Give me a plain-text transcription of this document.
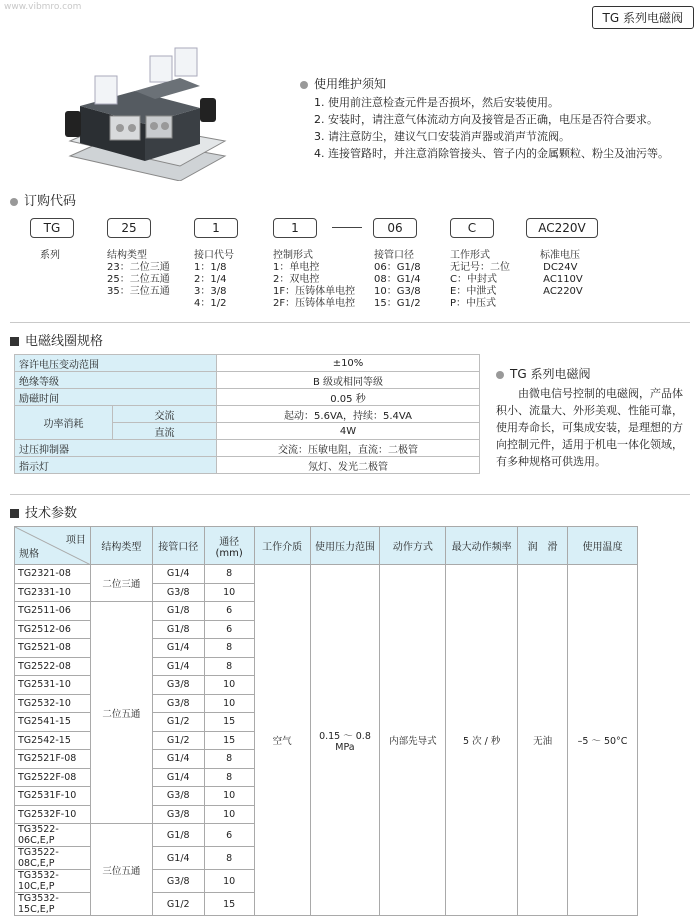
www.vibmro.com
TG 系列电磁阀
使用维护须知
1. 使用前注意检查元件是否损坏，然后安装使用。
2. 安装时，请注意气体流动方向及接管是否正确，电压是否符合要求。
3. 请注意防尘，建议气口安装消声器或消声节流阀。
4. 连接管路时，并注意消除管接头、管子内的金属颗粒、粉尘及油污等。
订购代码
TG	25	1	1	06	C	AC220V
系列	结构类型
23：二位三通
25：二位五通
35：三位五通
接口代号
1：1/8
2：1/4
3：3/8
4：1/2
控制形式
1：单电控
2：双电控
1F：压铸体单电控
2F：压铸体单电控
接管口径
06：G1/8
08：G1/4
10：G3/8
15：G1/2
工作形式
无记号：二位
C：中封式
E：中泄式
P：中压式
标准电压
DC24V
AC110V
AC220V
电磁线圈规格
容许电压变动范围		±10%
绝缘等级		B 级或相同等级
励磁时间		0.05 秒
功率消耗	交流	起动：5.6VA，持续：5.4VA
	直流	4W
过压抑制器		交流：压敏电阻，直流：二极管
指示灯		氖灯、发光二极管
TG 系列电磁阀

由微电信号控制的电磁阀，产品体积小、流量大、外形美观、性能可靠，使用寿命长，可集成安装，是理想的方向控制元件，适用于机电一体化领域，有多种规格可供选用。

技术参数
项目
规格	结构类型	接管口径	通径 (mm)	工作介质	使用压力范围	动作方式	最大动作频率	润　滑	使用温度
TG2321-08	二位三通	G1/4	8	空气	0.15 ～ 0.8 MPa	内部先导式	5 次 / 秒	无油	–5 ～ 50°C
TG2331-10		G3/8	10						
TG2511-06	二位五通	G1/8	6						
TG2512-06		G1/8	6						
TG2521-08		G1/4	8						
TG2522-08		G1/4	8						
TG2531-10		G3/8	10						
TG2532-10		G3/8	10						
TG2541-15		G1/2	15						
TG2542-15		G1/2	15						
TG2521F-08		G1/4	8						
TG2522F-08		G1/4	8						
TG2531F-10		G3/8	10						
TG2532F-10		G3/8	10						
TG3522-06C,E,P	三位五通	G1/8	6						
TG3522-08C,E,P		G1/4	8						
TG3532-10C,E,P		G3/8	10						
TG3532-15C,E,P		G1/2	15						
